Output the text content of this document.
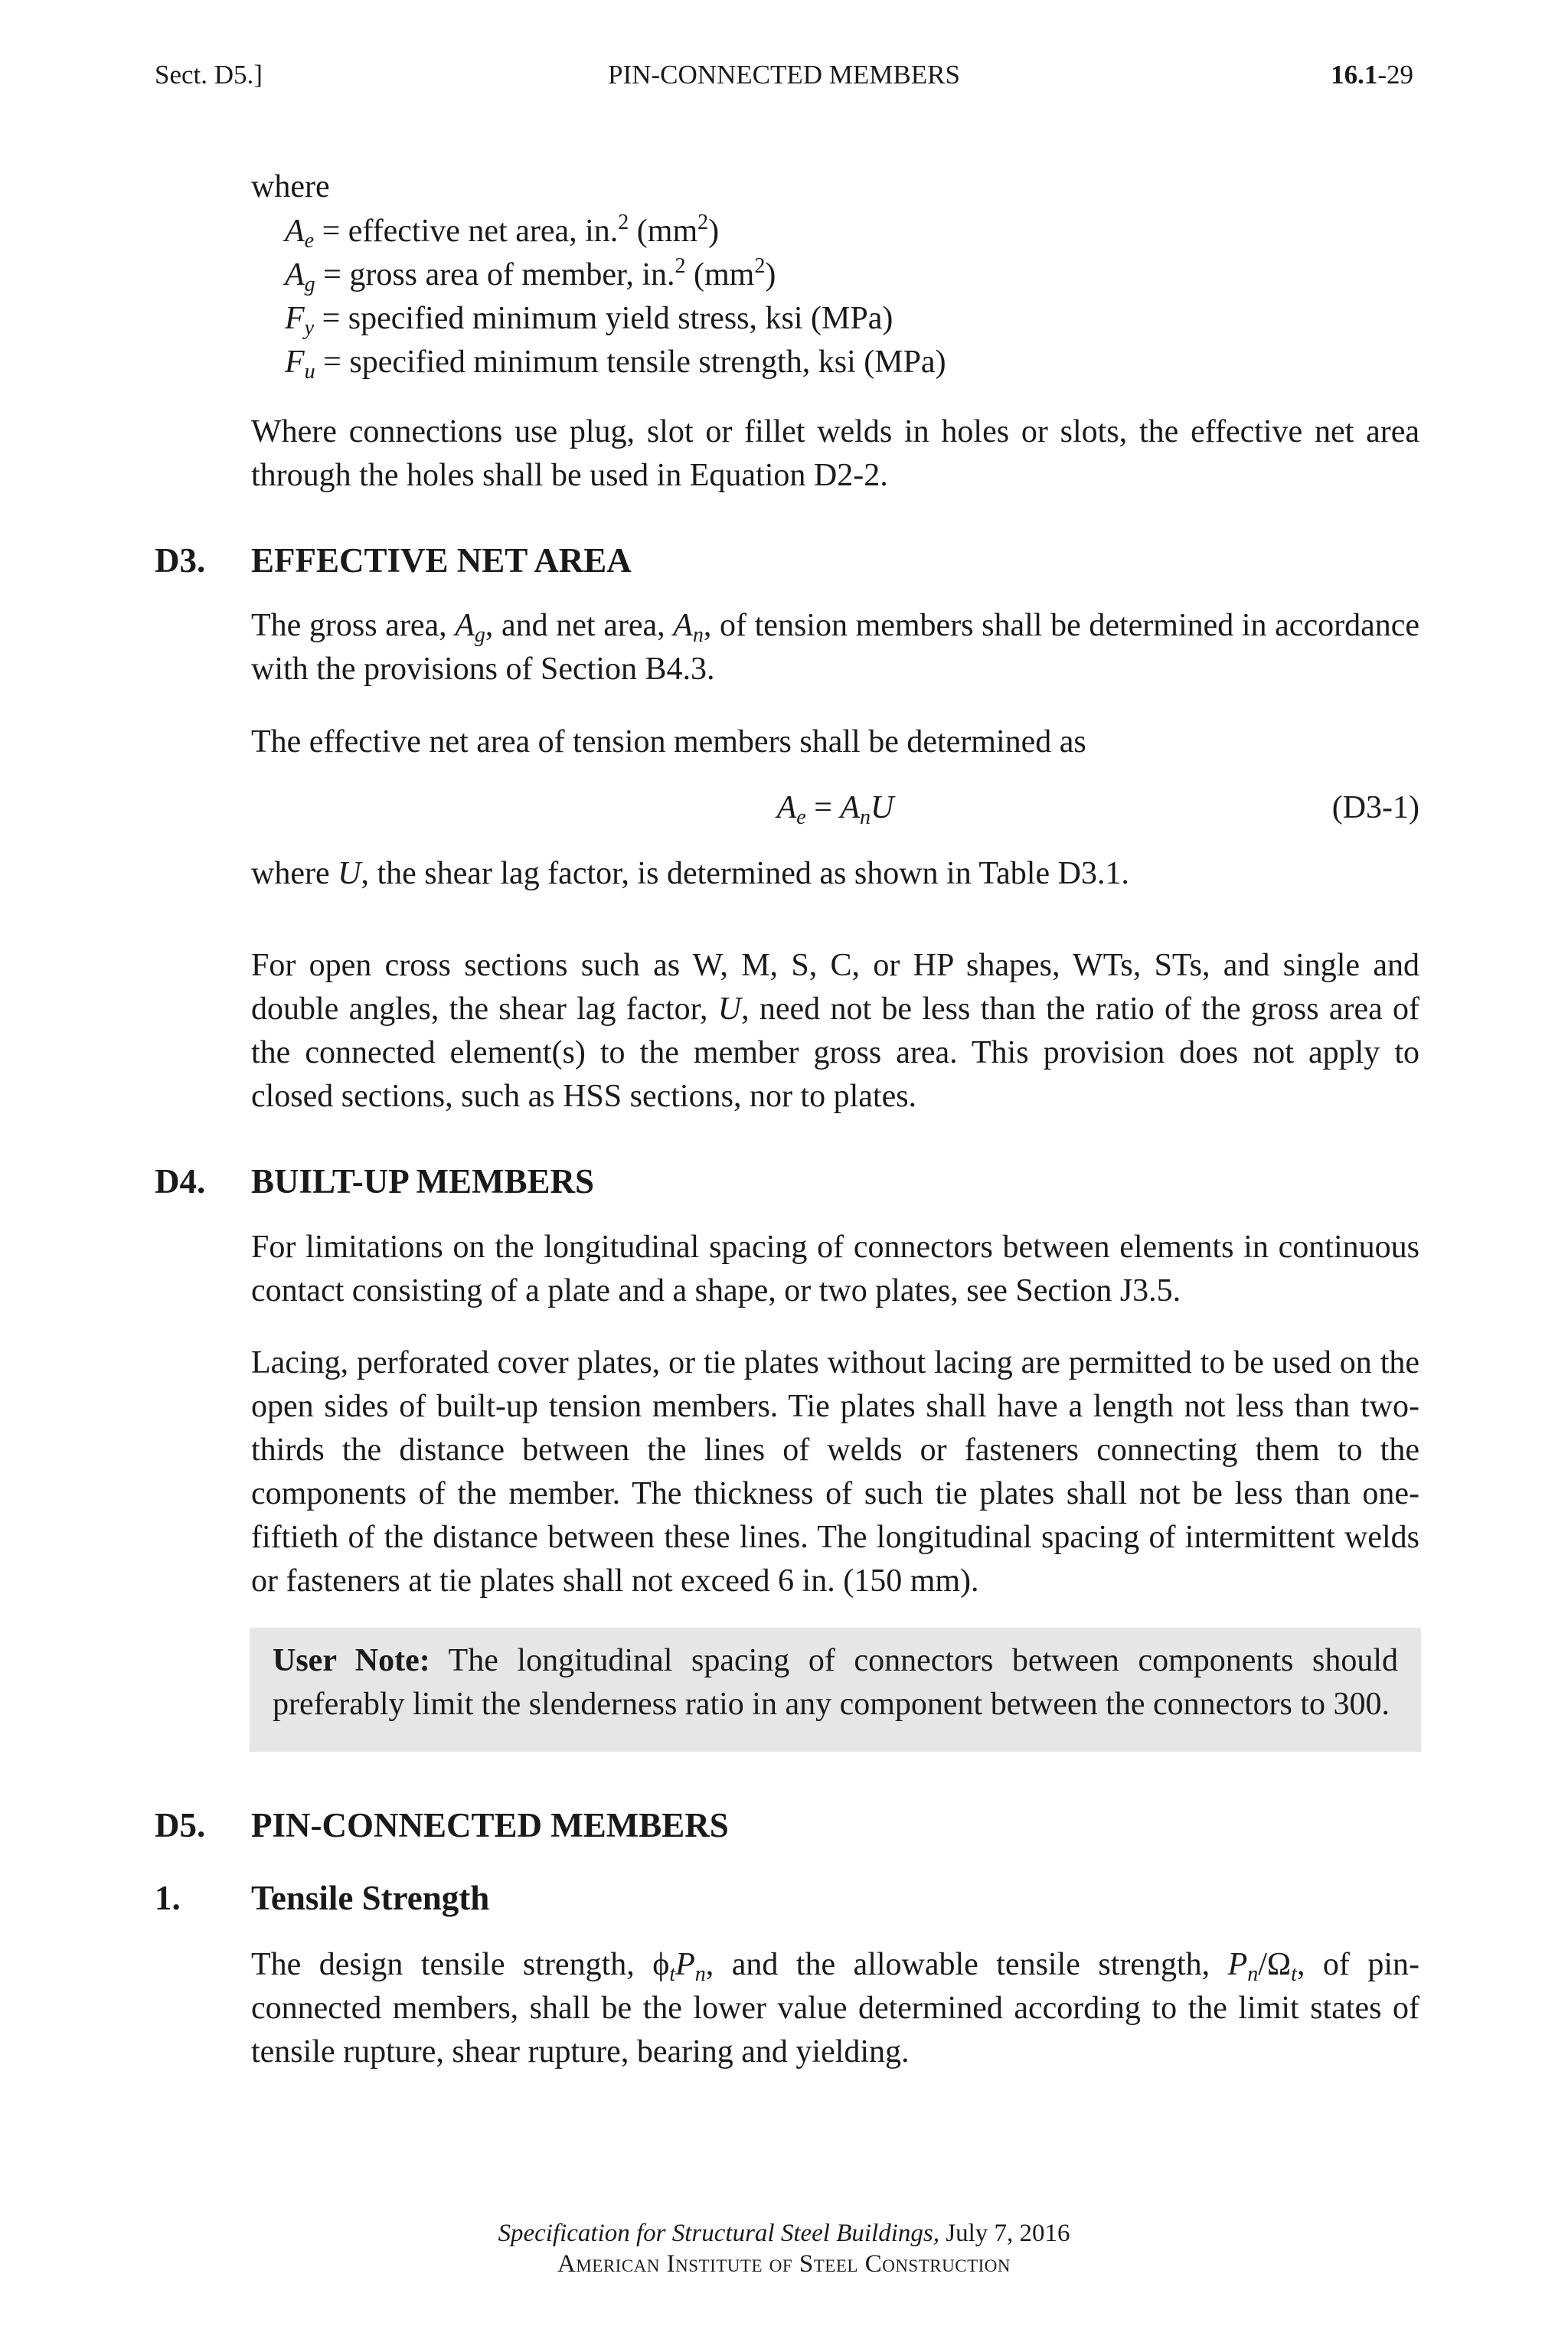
Sect. D5.]	PIN-CONNECTED MEMBERS	16.1-29
where
$A_e$ = effective net area, in.$^2$ $(mm^2)$
$A_g$ = gross area of member, in.$^2$ $(mm^2)$
$F_y$ = specified minimum yield stress, ksi (MPa)
$F_u$ = specified minimum tensile strength, ksi (MPa)
Where connections use plug, slot or fillet welds in holes or slots, the effective net area through the holes shall be used in Equation D2-2.
D3. EFFECTIVE NET AREA
The gross area, $A_g$, and net area, $A_n$, of tension members shall be determined in accordance with the provisions of Section B4.3.
The effective net area of tension members shall be determined as
$A_e = A_nU$	(D3-1)
where U, the shear lag factor, is determined as shown in Table D3.1.
For open cross sections such as W, M, S, C, or HP shapes, WTs, STs, and single and double angles, the shear lag factor, U, need not be less than the ratio of the gross area of the connected element(s) to the member gross area. This provision does not apply to closed sections, such as HSS sections, nor to plates.
D4. BUILT-UP MEMBERS
For limitations on the longitudinal spacing of connectors between elements in continuous contact consisting of a plate and a shape, or two plates, see Section J3.5.
Lacing, perforated cover plates, or tie plates without lacing are permitted to be used on the open sides of built-up tension members. Tie plates shall have a length not less than two-thirds the distance between the lines of welds or fasteners connecting them to the components of the member. The thickness of such tie plates shall not be less than one-fiftieth of the distance between these lines. The longitudinal spacing of intermittent welds or fasteners at tie plates shall not exceed 6 in. (150 mm).
User Note: The longitudinal spacing of connectors between components should preferably limit the slenderness ratio in any component between the connectors to 300.
D5. PIN-CONNECTED MEMBERS
1. Tensile Strength
The design tensile strength, $\phi_tP_n$, and the allowable tensile strength, $P_n/\Omega_t$, of pin-connected members, shall be the lower value determined according to the limit states of tensile rupture, shear rupture, bearing and yielding.
Specification for Structural Steel Buildings, July 7, 2016
American Institute of Steel Construction
